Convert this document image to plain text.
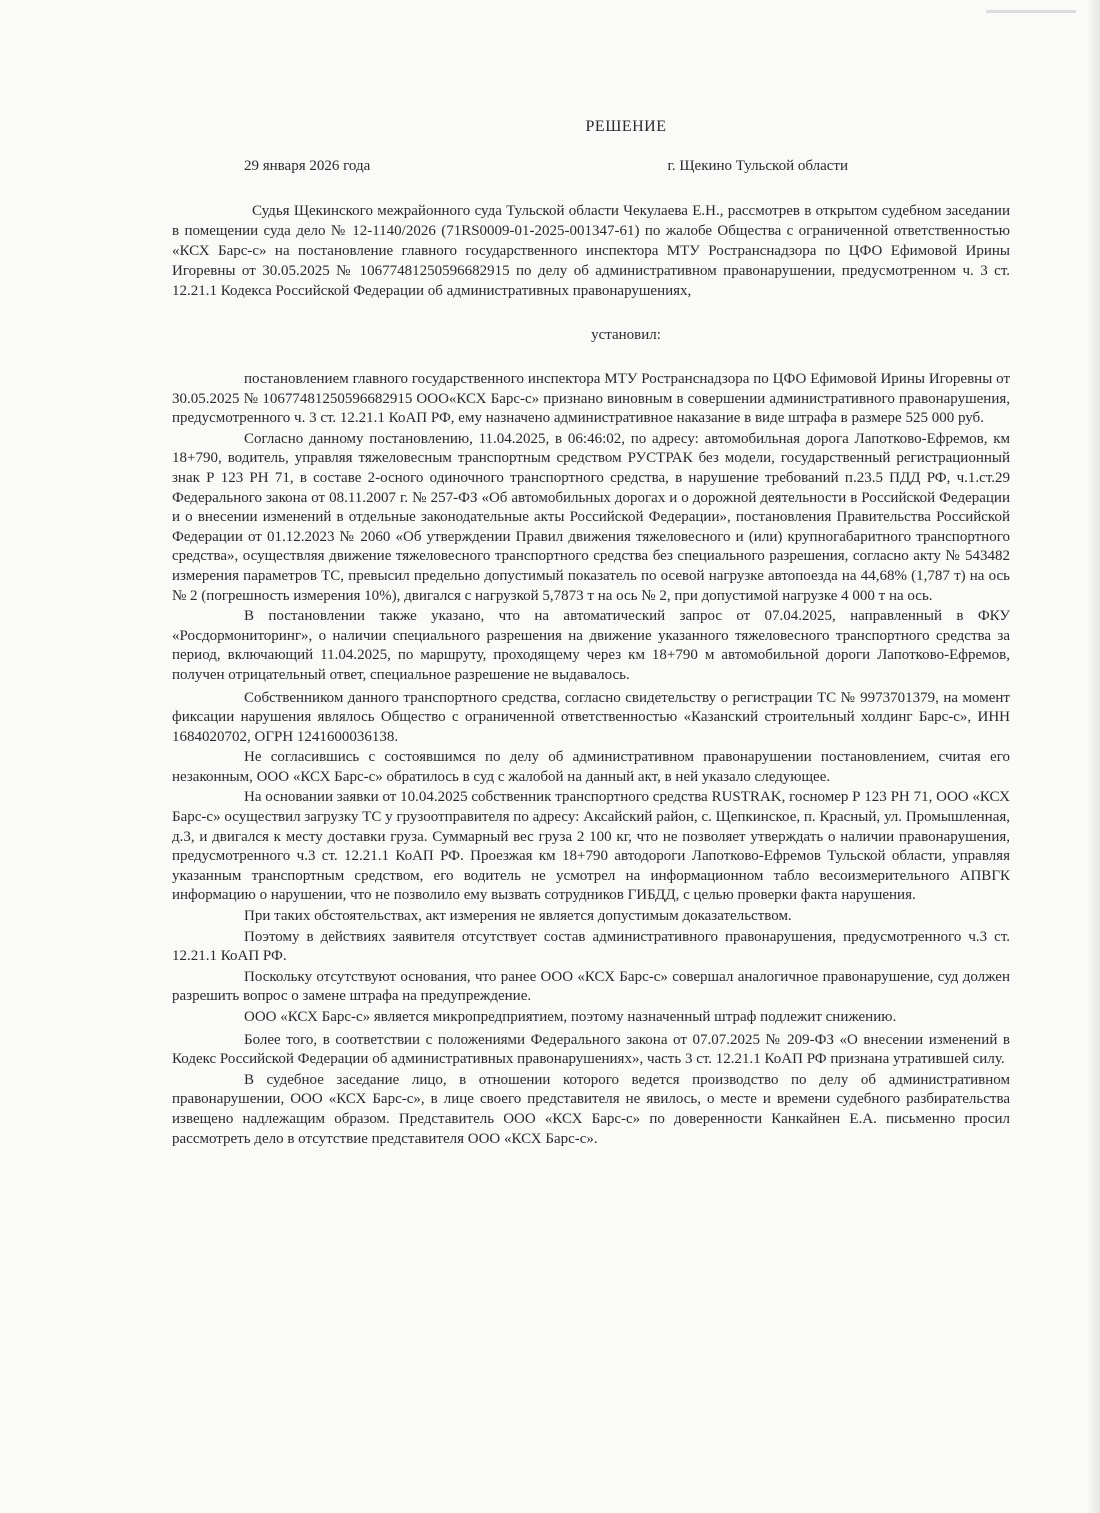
РЕШЕНИЕ
29 января 2026 года	г. Щекино Тульской области

Судья Щекинского межрайонного суда Тульской области Чекулаева Е.Н., рассмотрев в открытом судебном заседании в помещении суда дело № 12-1140/2026 (71RS0009-01-2025-001347-61) по жалобе Общества с ограниченной ответственностью «КСХ Барс-с» на постановление главного государственного инспектора МТУ Ространснадзора по ЦФО Ефимовой Ирины Игоревны от 30.05.2025 № 10677481250596682915 по делу об административном правонарушении, предусмотренном ч. 3 ст. 12.21.1 Кодекса Российской Федерации об административных правонарушениях,

установил:

постановлением главного государственного инспектора МТУ Ространснадзора по ЦФО Ефимовой Ирины Игоревны от 30.05.2025 № 10677481250596682915 ООО«КСХ Барс-с» признано виновным в совершении административного правонарушения, предусмотренного ч. 3 ст. 12.21.1 КоАП РФ, ему назначено административное наказание в виде штрафа в размере 525 000 руб.

Согласно данному постановлению, 11.04.2025, в 06:46:02, по адресу: автомобильная дорога Лапотково-Ефремов, км 18+790, водитель, управляя тяжеловесным транспортным средством РУСТРАК без модели, государственный регистрационный знак Р 123 РН 71, в составе 2-осного одиночного транспортного средства, в нарушение требований п.23.5 ПДД РФ, ч.1.ст.29 Федерального закона от 08.11.2007 г. № 257-ФЗ «Об автомобильных дорогах и о дорожной деятельности в Российской Федерации и о внесении изменений в отдельные законодательные акты Российской Федерации», постановления Правительства Российской Федерации от 01.12.2023 № 2060 «Об утверждении Правил движения тяжеловесного и (или) крупногабаритного транспортного средства», осуществляя движение тяжеловесного транспортного средства без специального разрешения, согласно акту № 543482 измерения параметров ТС, превысил предельно допустимый показатель по осевой нагрузке автопоезда на 44,68% (1,787 т) на ось № 2 (погрешность измерения 10%), двигался с нагрузкой 5,7873 т на ось № 2, при допустимой нагрузке 4 000 т на ось.

В постановлении также указано, что на автоматический запрос от 07.04.2025, направленный в ФКУ «Росдормониторинг», о наличии специального разрешения на движение указанного тяжеловесного транспортного средства за период, включающий 11.04.2025, по маршруту, проходящему через км 18+790 м автомобильной дороги Лапотково-Ефремов, получен отрицательный ответ, специальное разрешение не выдавалось.

Собственником данного транспортного средства, согласно свидетельству о регистрации ТС № 9973701379, на момент фиксации нарушения являлось Общество с ограниченной ответственностью «Казанский строительный холдинг Барс-с», ИНН 1684020702, ОГРН 1241600036138.

Не согласившись с состоявшимся по делу об административном правонарушении постановлением, считая его незаконным, ООО «КСХ Барс-с» обратилось в суд с жалобой на данный акт, в ней указало следующее.

На основании заявки от 10.04.2025 собственник транспортного средства RUSTRAK, госномер Р 123 РН 71, ООО «КСХ Барс-с» осуществил загрузку ТС у грузоотправителя по адресу: Аксайский район, с. Щепкинское, п. Красный, ул. Промышленная, д.3, и двигался к месту доставки груза. Суммарный вес груза 2 100 кг, что не позволяет утверждать о наличии правонарушения, предусмотренного ч.3 ст. 12.21.1 КоАП РФ. Проезжая км 18+790 автодороги Лапотково-Ефремов Тульской области, управляя указанным транспортным средством, его водитель не усмотрел на информационном табло весоизмерительного АПВГК информацию о нарушении, что не позволило ему вызвать сотрудников ГИБДД, с целью проверки факта нарушения.

При таких обстоятельствах, акт измерения не является допустимым доказательством.

Поэтому в действиях заявителя отсутствует состав административного правонарушения, предусмотренного ч.3 ст. 12.21.1 КоАП РФ.

Поскольку отсутствуют основания, что ранее ООО «КСХ Барс-с» совершал аналогичное правонарушение, суд должен разрешить вопрос о замене штрафа на предупреждение.

ООО «КСХ Барс-с» является микропредприятием, поэтому назначенный штраф подлежит снижению.

Более того, в соответствии с положениями Федерального закона от 07.07.2025 № 209-ФЗ «О внесении изменений в Кодекс Российской Федерации об административных правонарушениях», часть 3 ст. 12.21.1 КоАП РФ признана утратившей силу.

В судебное заседание лицо, в отношении которого ведется производство по делу об административном правонарушении, ООО «КСХ Барс-с», в лице своего представителя не явилось, о месте и времени судебного разбирательства извещено надлежащим образом. Представитель ООО «КСХ Барс-с» по доверенности Канкайнен Е.А. письменно просил рассмотреть дело в отсутствие представителя ООО «КСХ Барс-с».
